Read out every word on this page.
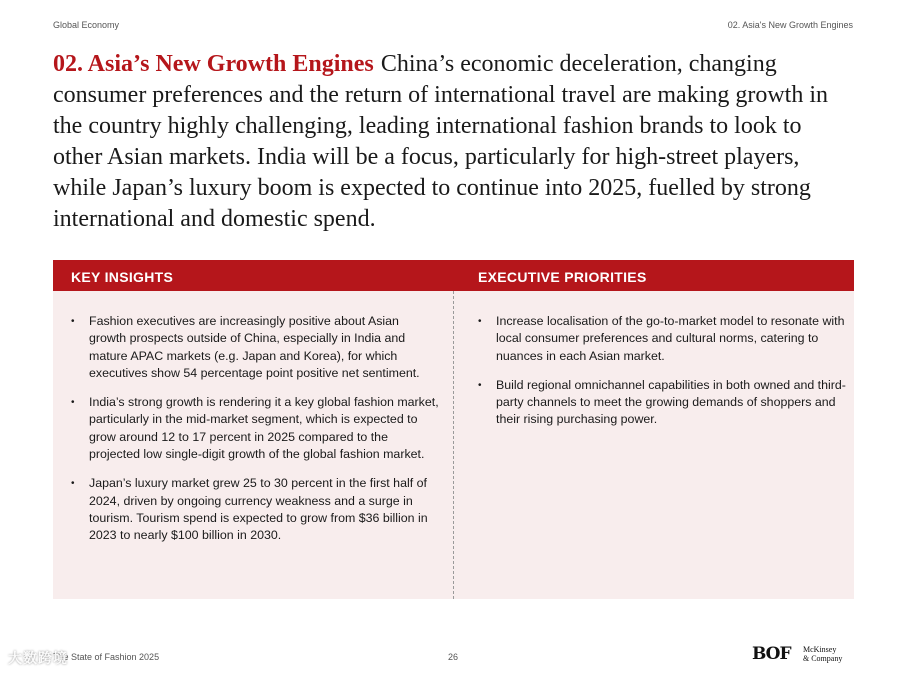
Global Economy	02. Asia's New Growth Engines
02. Asia’s New Growth Engines China’s economic deceleration, changing consumer preferences and the return of international travel are making growth in the country highly challenging, leading international fashion brands to look to other Asian markets. India will be a focus, particularly for high-street players, while Japan’s luxury boom is expected to continue into 2025, fuelled by strong international and domestic spend.
KEY INSIGHTS	EXECUTIVE PRIORITIES
• Fashion executives are increasingly positive about Asian growth prospects outside of China, especially in India and mature APAC markets (e.g. Japan and Korea), for which executives show 54 percentage point positive net sentiment.
• India’s strong growth is rendering it a key global fashion market, particularly in the mid-market segment, which is expected to grow around 12 to 17 percent in 2025 compared to the projected low single-digit growth of the global fashion market.
• Japan’s luxury market grew 25 to 30 percent in the first half of 2024, driven by ongoing currency weakness and a surge in tourism. Tourism spend is expected to grow from $36 billion in 2023 to nearly $100 billion in 2030.
• Increase localisation of the go-to-market model to resonate with local consumer preferences and cultural norms, catering to nuances in each Asian market.
• Build regional omnichannel capabilities in both owned and third-party channels to meet the growing demands of shoppers and their rising purchasing power.
The State of Fashion 2025	26	BOF McKinsey
& Company
大数跨境
